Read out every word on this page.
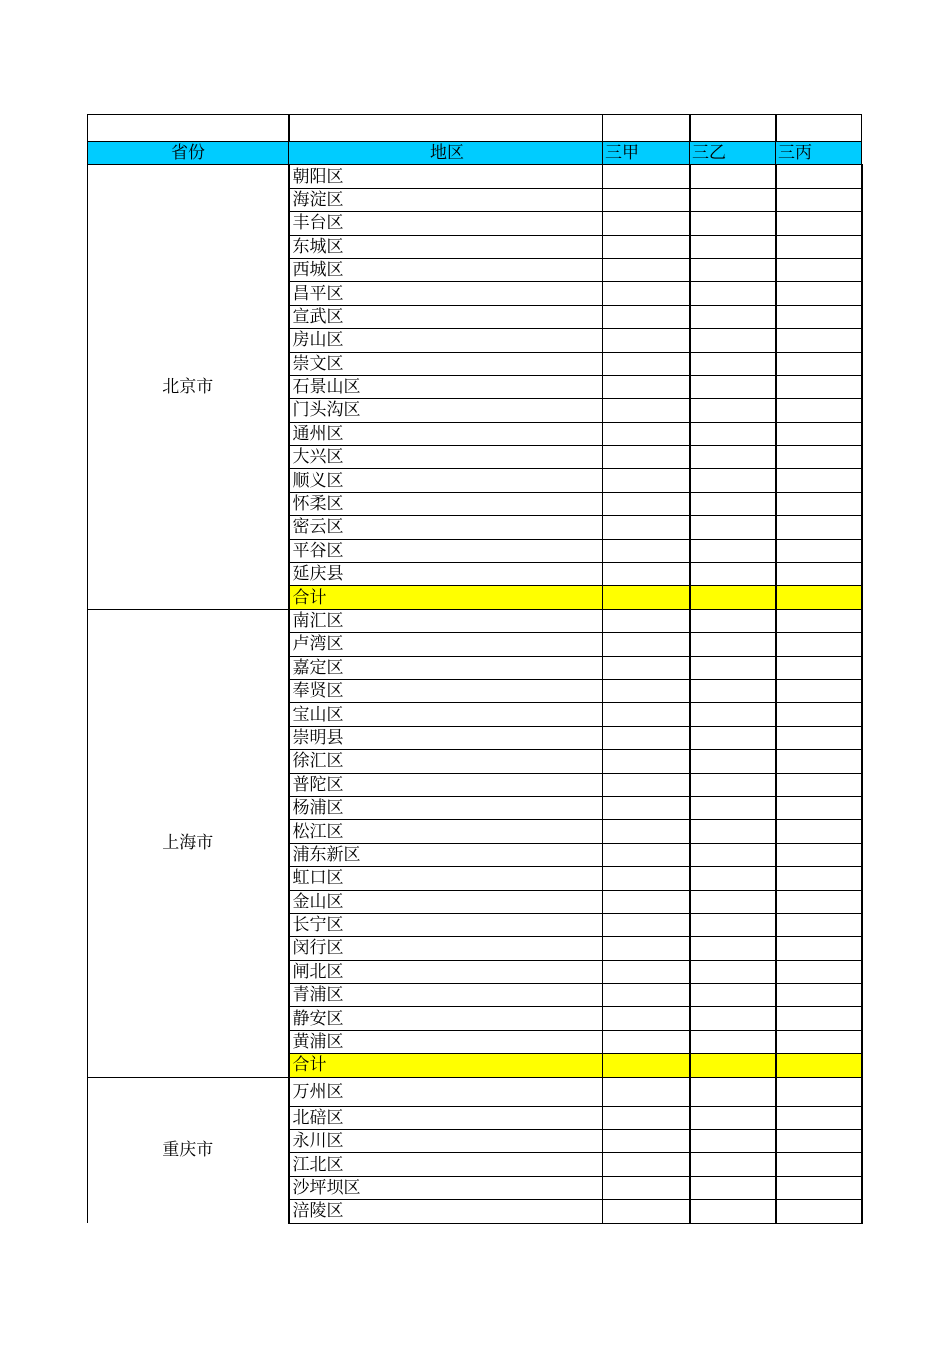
省份	地区	三甲	三乙	三丙
北京市	朝阳区			
	海淀区			
	丰台区			
	东城区			
	西城区			
	昌平区			
	宣武区			
	房山区			
	崇文区			
	石景山区			
	门头沟区			
	通州区			
	大兴区			
	顺义区			
	怀柔区			
	密云区			
	平谷区			
	延庆县			
	合计			
上海市	南汇区			
	卢湾区			
	嘉定区			
	奉贤区			
	宝山区			
	崇明县			
	徐汇区			
	普陀区			
	杨浦区			
	松江区			
	浦东新区			
	虹口区			
	金山区			
	长宁区			
	闵行区			
	闸北区			
	青浦区			
	静安区			
	黄浦区			
	合计			
重庆市	万州区			
	北碚区			
	永川区			
	江北区			
	沙坪坝区			
	涪陵区			
